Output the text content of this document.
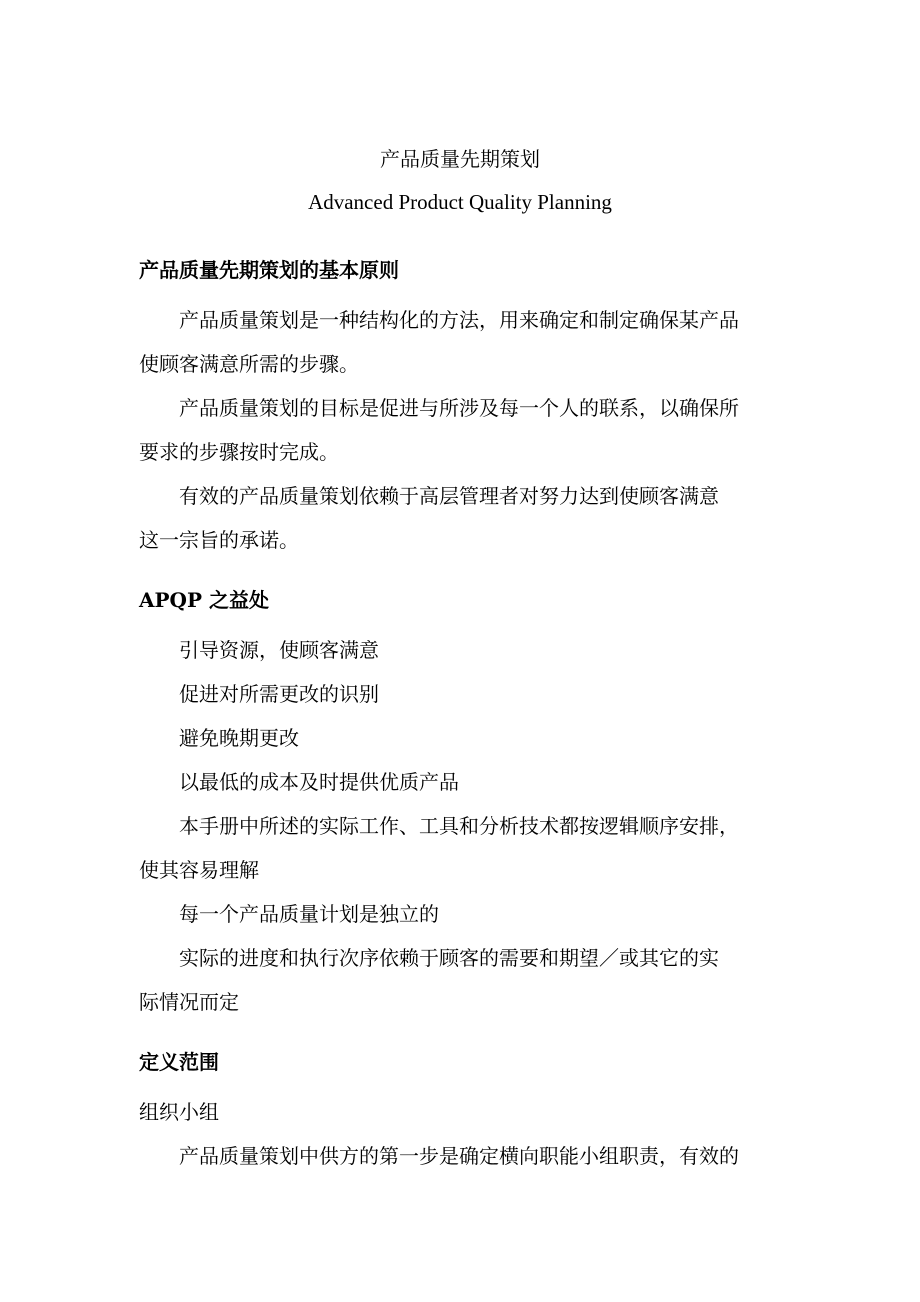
产品质量先期策划
Advanced Product Quality Planning
产品质量先期策划的基本原则

产品质量策划是一种结构化的方法，用来确定和制定确保某产品
使顾客满意所需的步骤。

产品质量策划的目标是促进与所涉及每一个人的联系，以确保所
要求的步骤按时完成。

有效的产品质量策划依赖于高层管理者对努力达到使顾客满意
这一宗旨的承诺。

APQP 之益处

引导资源，使顾客满意
促进对所需更改的识别
避免晚期更改
以最低的成本及时提供优质产品

本手册中所述的实际工作、工具和分析技术都按逻辑顺序安排，
使其容易理解

每一个产品质量计划是独立的

实际的进度和执行次序依赖于顾客的需要和期望／或其它的实
际情况而定

定义范围

组织小组

产品质量策划中供方的第一步是确定横向职能小组职责，有效的
